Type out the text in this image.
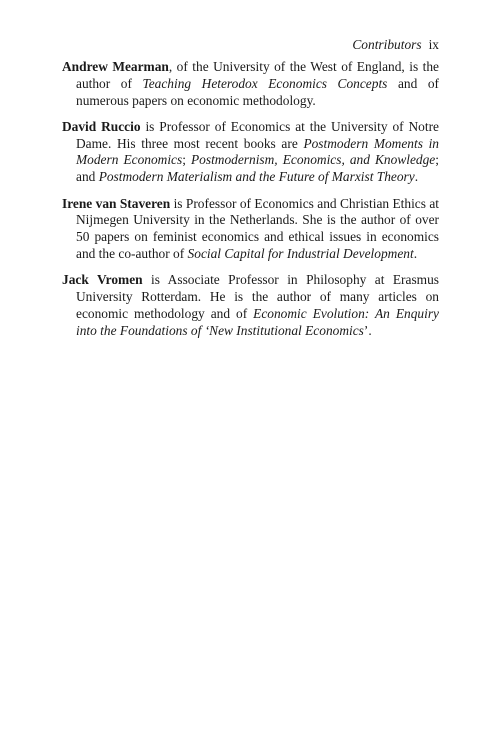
Contributors ix

Andrew Mearman, of the University of the West of England, is the author of Teaching Heterodox Economics Concepts and of numerous papers on economic methodology.

David Ruccio is Professor of Economics at the University of Notre Dame. His three most recent books are Postmodern Moments in Modern Economics; Postmodernism, Economics, and Knowledge; and Postmodern Materialism and the Future of Marxist Theory.

Irene van Staveren is Professor of Economics and Christian Ethics at Nijmegen University in the Netherlands. She is the author of over 50 papers on feminist economics and ethical issues in economics and the co-author of Social Capital for Industrial Development.

Jack Vromen is Associate Professor in Philosophy at Erasmus University Rotterdam. He is the author of many articles on economic methodology and of Economic Evolution: An Enquiry into the Foundations of ‘New Institutional Economics’.
